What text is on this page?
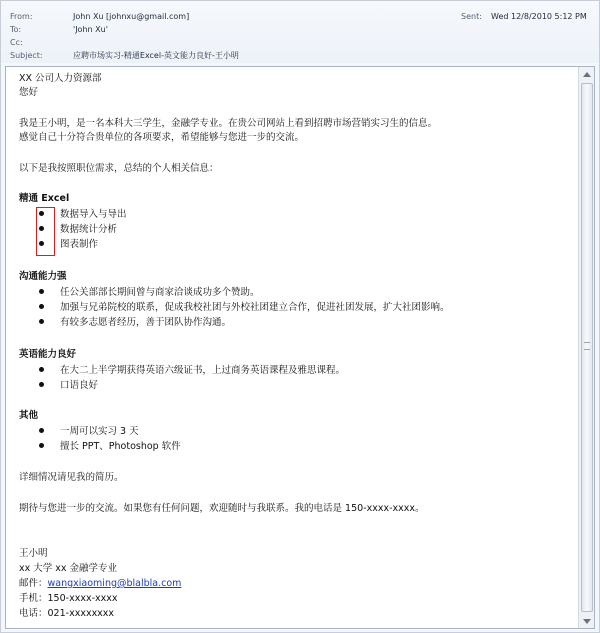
From:	John Xu [johnxu@gmail.com]	Sent: Wed 12/8/2010 5:12 PM
To:	'John Xu'
Cc:
Subject:	应聘市场实习-精通Excel-英文能力良好-王小明
XX 公司人力资源部
您好
我是王小明，是一名本科大三学生，金融学专业。在贵公司网站上看到招聘市场营销实习生的信息。
感觉自己十分符合贵单位的各项要求，希望能够与您进一步的交流。
以下是我按照职位需求，总结的个人相关信息：
精通 Excel
数据导入与导出
数据统计分析
图表制作
沟通能力强
任公关部部长期间曾与商家洽谈成功多个赞助。
加强与兄弟院校的联系，促成我校社团与外校社团建立合作，促进社团发展，扩大社团影响。
有较多志愿者经历，善于团队协作沟通。
英语能力良好
在大二上半学期获得英语六级证书，上过商务英语课程及雅思课程。
口语良好
其他
一周可以实习 3 天
擅长 PPT、Photoshop 软件
详细情况请见我的简历。
期待与您进一步的交流。如果您有任何问题，欢迎随时与我联系。我的电话是 150-xxxx-xxxx。
王小明
xx 大学 xx 金融学专业
邮件：wangxiaoming@blalbla.com
手机：150-xxxx-xxxx
电话：021-xxxxxxxx
